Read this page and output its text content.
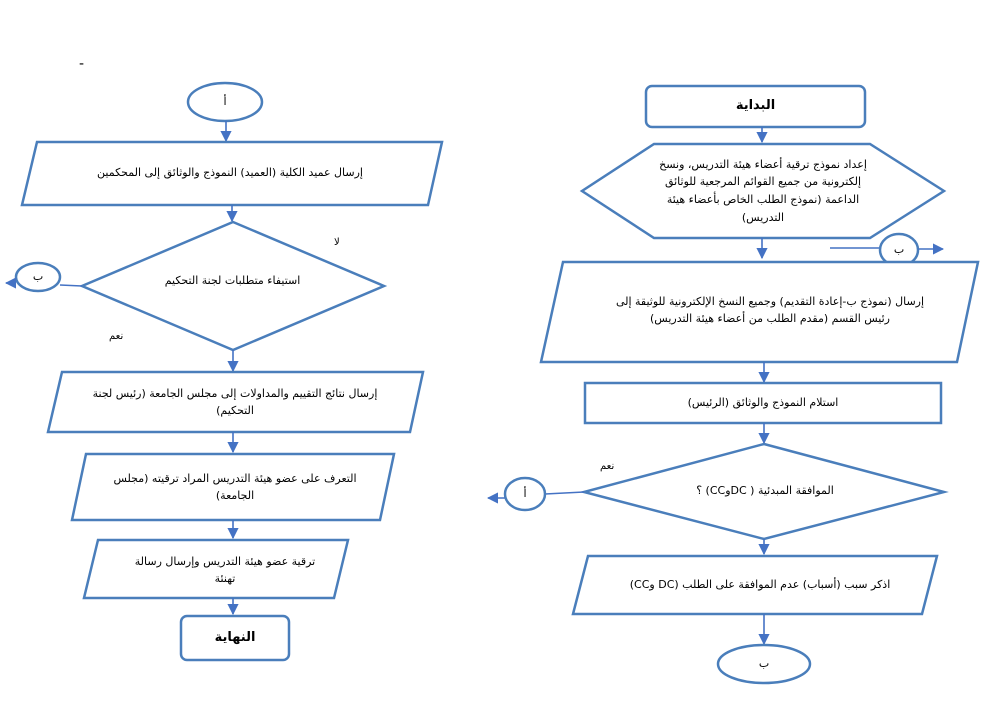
-
أ
إرسال عميد الكلية (العميد) النموذج والوثائق إلى المحكمين
استيفاء متطلبات لجنة التحكيم
لا
نعم
ب
إرسال نتائج التقييم والمداولات إلى مجلس الجامعة (رئيس لجنة التحكيم)
التعرف على عضو هيئة التدريس المراد ترقيته (مجلس الجامعة)
ترقية عضو هيئة التدريس وإرسال رسالة تهنئة
النهاية
البداية
إعداد نموذج ترقية أعضاء هيئة التدريس، ونسخ إلكترونية من جميع القوائم المرجعية للوثائق الداعمة (نموذج الطلب الخاص بأعضاء هيئة التدريس)
ب
إرسال (نموذج ب-إعادة التقديم) وجميع النسخ الإلكترونية للوثيقة إلى رئيس القسم (مقدم الطلب من أعضاء هيئة التدريس)
استلام النموذج والوثائق (الرئيس)
نعم
الموافقة المبدئية ( DCوCC) ؟
أ
اذكر سبب (أسباب) عدم الموافقة على الطلب (DC وCC)
ب
